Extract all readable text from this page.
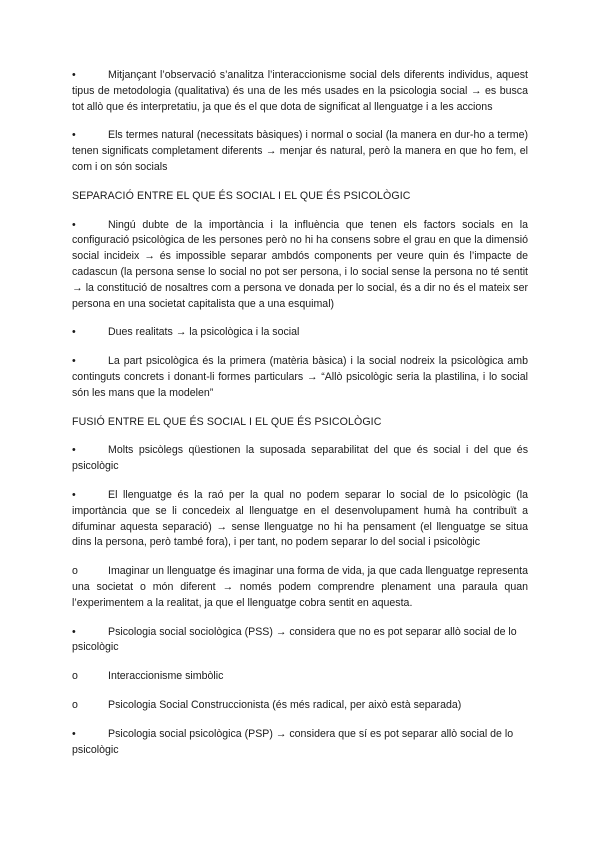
•	Mitjançant l’observació s’analitza l’interaccionisme social dels diferents individus, aquest tipus de metodologia (qualitativa) és una de les més usades en la psicologia social → es busca tot allò que és interpretatiu, ja que és el que dota de significat al llenguatge i a les accions
•	Els termes natural (necessitats bàsiques) i normal o social (la manera en dur-ho a terme) tenen significats completament diferents → menjar és natural, però la manera en que ho fem, el com i on són socials
SEPARACIÓ ENTRE EL QUE ÉS SOCIAL I EL QUE ÉS PSICOLÒGIC
•	Ningú dubte de la importància i la influència que tenen els factors socials en la configuració psicològica de les persones però no hi ha consens sobre el grau en que la dimensió social incideix → és impossible separar ambdós components per veure quin és l’impacte de cadascun (la persona sense lo social no pot ser persona, i lo social sense la persona no té sentit → la constitució de nosaltres com a persona ve donada per lo social, és a dir no és el mateix ser persona en una societat capitalista que a una esquimal)
•	Dues realitats → la psicològica i la social
•	La part psicològica és la primera (matèria bàsica) i la social nodreix la psicològica amb continguts concrets i donant-li formes particulars → “Allò psicològic seria la plastilina, i lo social són les mans que la modelen”
FUSIÓ ENTRE EL QUE ÉS SOCIAL I EL QUE ÉS PSICOLÒGIC
•	Molts psicòlegs qüestionen la suposada separabilitat del que és social i del que és psicològic
•	El llenguatge és la raó per la qual no podem separar lo social de lo psicològic (la importància que se li concedeix al llenguatge en el desenvolupament humà ha contribuït a difuminar aquesta separació) → sense llenguatge no hi ha pensament (el llenguatge se situa dins la persona, però també fora), i per tant, no podem separar lo del social i psicològic
o	Imaginar un llenguatge és imaginar una forma de vida, ja que cada llenguatge representa una societat o món diferent → només podem comprendre plenament una paraula quan l’experimentem a la realitat, ja que el llenguatge cobra sentit en aquesta.
•	Psicologia social sociològica (PSS) → considera que no es pot separar allò social de lo psicològic
o	Interaccionisme simbòlic
o	Psicologia Social Construccionista (és més radical, per això està separada)
•	Psicologia social psicològica (PSP) → considera que sí es pot separar allò social de lo psicològic
